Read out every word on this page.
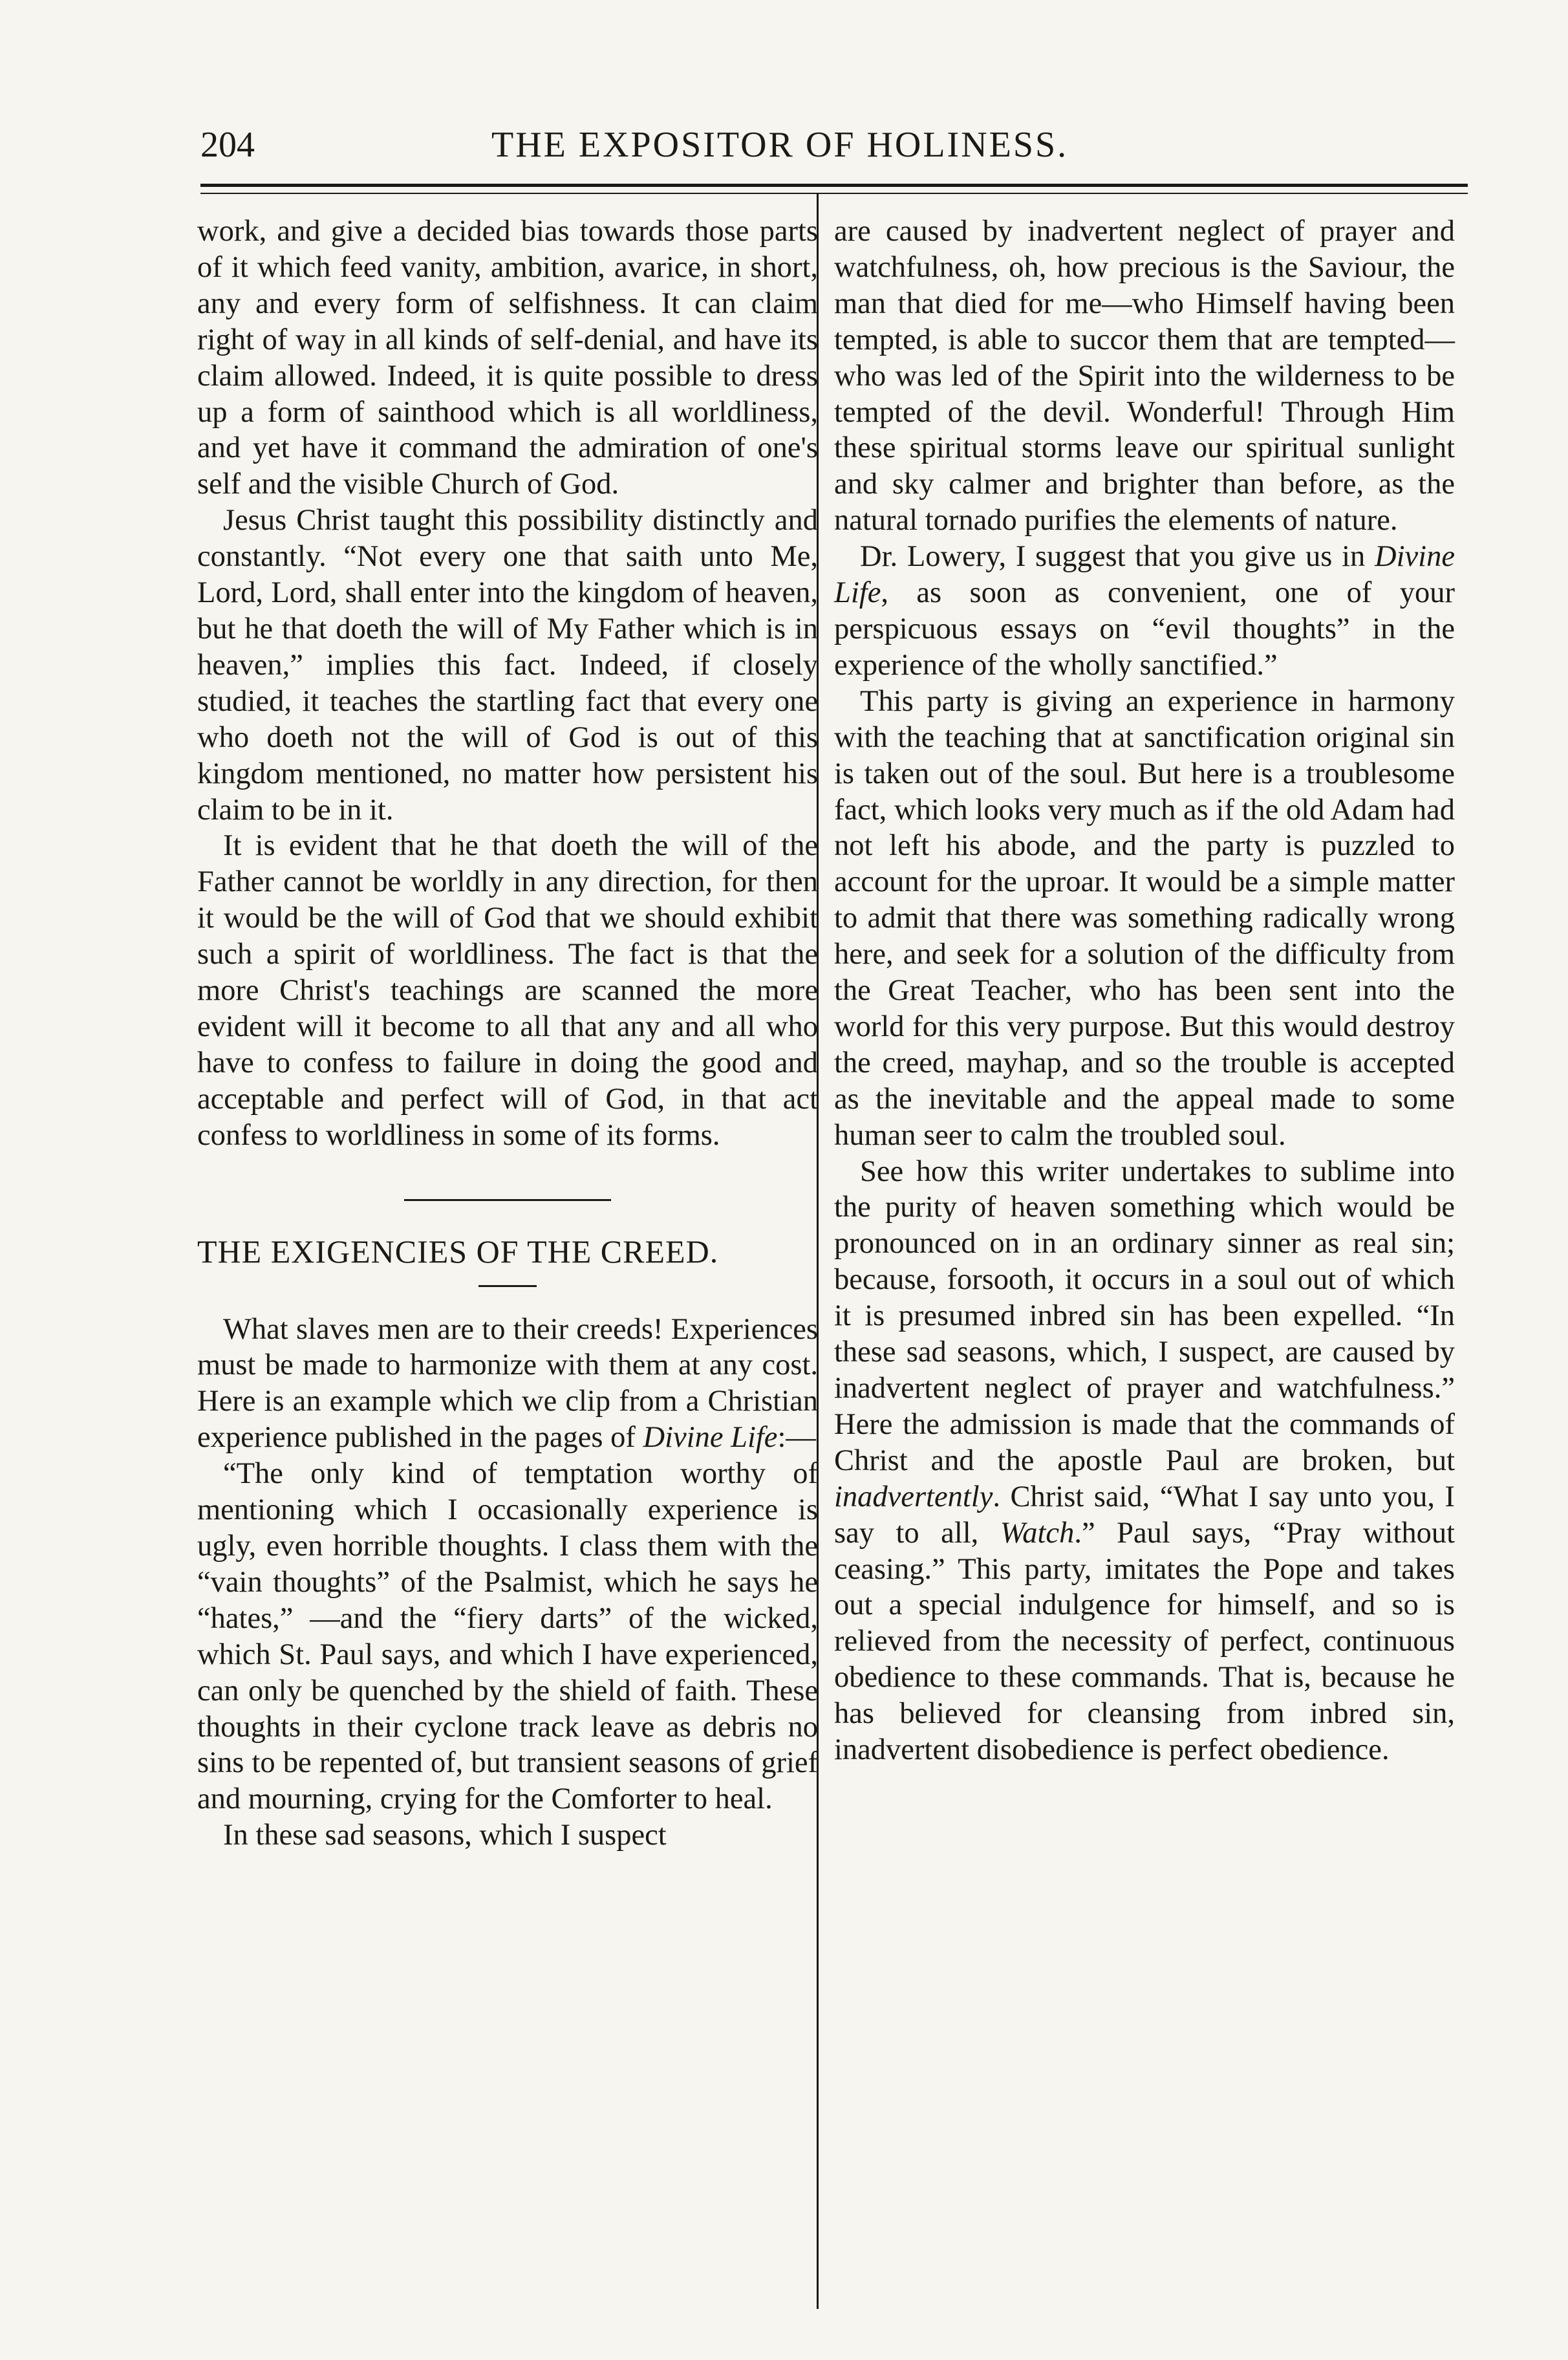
204	THE EXPOSITOR OF HOLINESS.

work, and give a decided bias towards those parts of it which feed vanity, ambition, avarice, in short, any and every form of selfishness. It can claim right of way in all kinds of self-denial, and have its claim allowed. Indeed, it is quite possible to dress up a form of sainthood which is all worldliness, and yet have it command the admiration of one's self and the visible Church of God.

Jesus Christ taught this possibility distinctly and constantly. “Not every one that saith unto Me, Lord, Lord, shall enter into the kingdom of heaven, but he that doeth the will of My Father which is in heaven,” implies this fact. Indeed, if closely studied, it teaches the startling fact that every one who doeth not the will of God is out of this kingdom mentioned, no matter how persistent his claim to be in it.

It is evident that he that doeth the will of the Father cannot be worldly in any direction, for then it would be the will of God that we should exhibit such a spirit of worldliness. The fact is that the more Christ's teachings are scanned the more evident will it become to all that any and all who have to confess to failure in doing the good and acceptable and perfect will of God, in that act confess to worldliness in some of its forms.

THE EXIGENCIES OF THE CREED.

What slaves men are to their creeds! Experiences must be made to harmonize with them at any cost. Here is an example which we clip from a Christian experience published in the pages of Divine Life:—

“The only kind of temptation worthy of mentioning which I occasionally experience is ugly, even horrible thoughts. I class them with the “vain thoughts” of the Psalmist, which he says he “hates,” —and the “fiery darts” of the wicked, which St. Paul says, and which I have experienced, can only be quenched by the shield of faith. These thoughts in their cyclone track leave as debris no sins to be repented of, but transient seasons of grief and mourning, crying for the Comforter to heal.

In these sad seasons, which I suspect

are caused by inadvertent neglect of prayer and watchfulness, oh, how precious is the Saviour, the man that died for me—who Himself having been tempted, is able to succor them that are tempted—who was led of the Spirit into the wilderness to be tempted of the devil. Wonderful! Through Him these spiritual storms leave our spiritual sunlight and sky calmer and brighter than before, as the natural tornado purifies the elements of nature.

Dr. Lowery, I suggest that you give us in Divine Life, as soon as convenient, one of your perspicuous essays on “evil thoughts” in the experience of the wholly sanctified.”

This party is giving an experience in harmony with the teaching that at sanctification original sin is taken out of the soul. But here is a troublesome fact, which looks very much as if the old Adam had not left his abode, and the party is puzzled to account for the uproar. It would be a simple matter to admit that there was something radically wrong here, and seek for a solution of the difficulty from the Great Teacher, who has been sent into the world for this very purpose. But this would destroy the creed, mayhap, and so the trouble is accepted as the inevitable and the appeal made to some human seer to calm the troubled soul.

See how this writer undertakes to sublime into the purity of heaven something which would be pronounced on in an ordinary sinner as real sin; because, forsooth, it occurs in a soul out of which it is presumed inbred sin has been expelled. “In these sad seasons, which, I suspect, are caused by inadvertent neglect of prayer and watchfulness.” Here the admission is made that the commands of Christ and the apostle Paul are broken, but inadvertently. Christ said, “What I say unto you, I say to all, Watch.” Paul says, “Pray without ceasing.” This party, imitates the Pope and takes out a special indulgence for himself, and so is relieved from the necessity of perfect, continuous obedience to these commands. That is, because he has believed for cleansing from inbred sin, inadvertent disobedience is perfect obedience.
